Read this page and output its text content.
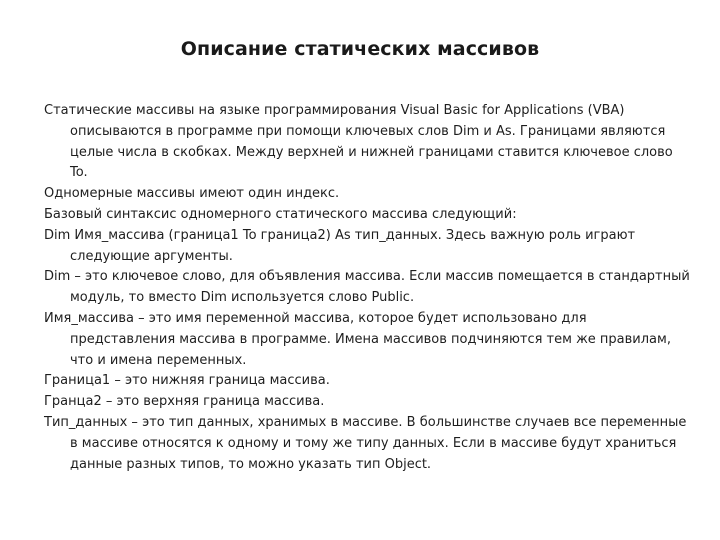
Описание статических массивов

Статические массивы на языке программирования Visual Basic for Applications (VBA) описываются в программе при помощи ключевых слов Dim и As. Границами являются целые числа в скобках. Между верхней и нижней границами ставится ключевое слово To.

Одномерные массивы имеют один индекс.

Базовый синтаксис одномерного статического массива следующий:

Dim Имя_массива (граница1 To граница2) As тип_данных. Здесь важную роль играют следующие аргументы.

Dim – это ключевое слово, для объявления массива. Если массив помещается в стандартный модуль, то вместо Dim используется слово Public.

Имя_массива – это имя переменной массива, которое будет использовано для представления массива в программе. Имена массивов подчиняются тем же правилам, что и имена переменных.

Граница1 – это нижняя граница массива.

Гранца2 – это верхняя граница массива.

Тип_данных – это тип данных, хранимых в массиве. В большинстве случаев все переменные в массиве относятся к одному и тому же типу данных. Если в массиве будут храниться данные разных типов, то можно указать тип Object.
